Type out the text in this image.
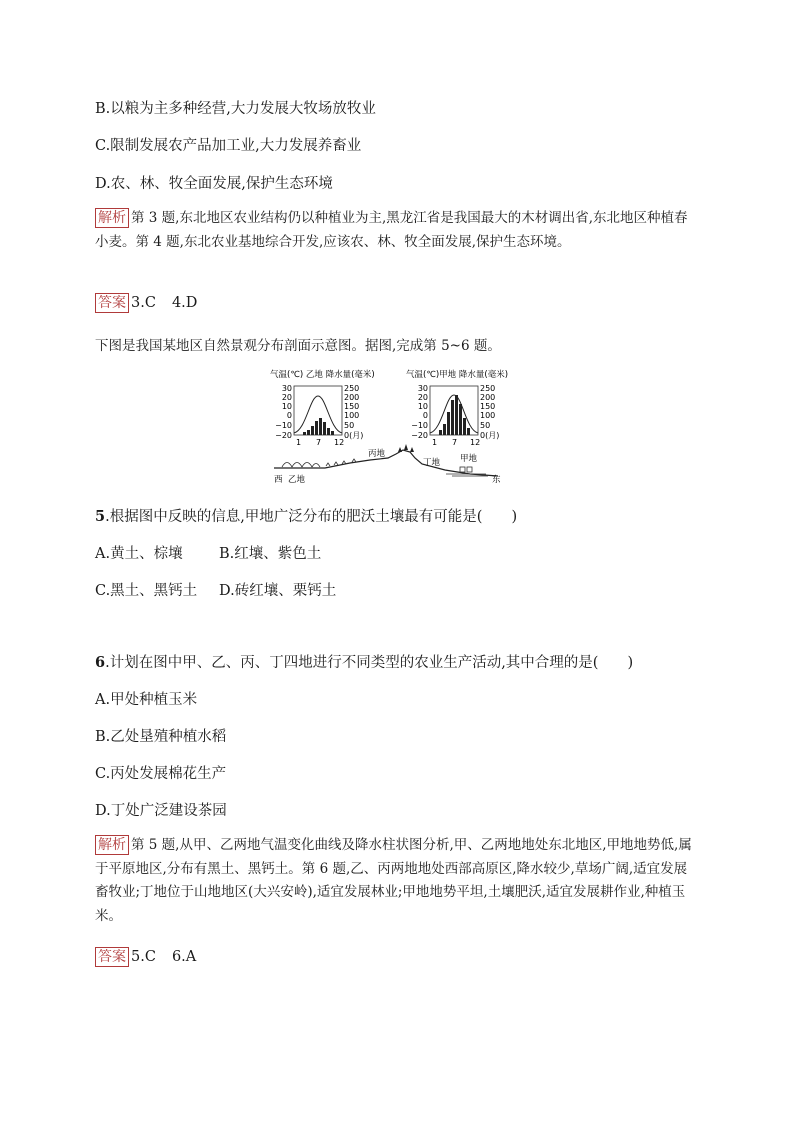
B.以粮为主多种经营,大力发展大牧场放牧业
C.限制发展农产品加工业,大力发展养畜业
D.农、林、牧全面发展,保护生态环境
解析 第 3 题,东北地区农业结构仍以种植业为主,黑龙江省是我国最大的木材调出省,东北地区种植春小麦。第 4 题,东北农业基地综合开发,应该农、林、牧全面发展,保护生态环境。
答案 3.C 4.D
下图是我国某地区自然景观分布剖面示意图。据图,完成第 5~6 题。
气温(℃) 乙地 降水量(毫米)
30
20
10
0
−10
−20
250
200
150
100
50
0(月)
1 7 12
气温(℃)甲地 降水量(毫米)
30
20
10
0
−10
−20
250
200
150
100
50
0(月)
1 7 12
丙地
丁地 甲地
西 乙地	东
5.根据图中反映的信息,甲地广泛分布的肥沃土壤最有可能是(　　)
A.黄土、棕壤	B.红壤、紫色土
C.黑土、黑钙土 D.砖红壤、栗钙土
6.计划在图中甲、乙、丙、丁四地进行不同类型的农业生产活动,其中合理的是(　　)
A.甲处种植玉米
B.乙处垦殖种植水稻
C.丙处发展棉花生产
D.丁处广泛建设茶园
解析 第 5 题,从甲、乙两地气温变化曲线及降水柱状图分析,甲、乙两地地处东北地区,甲地地势低,属于平原地区,分布有黑土、黑钙土。第 6 题,乙、丙两地地处西部高原区,降水较少,草场广阔,适宜发展畜牧业;丁地位于山地地区(大兴安岭),适宜发展林业;甲地地势平坦,土壤肥沃,适宜发展耕作业,种植玉米。
答案 5.C 6.A
